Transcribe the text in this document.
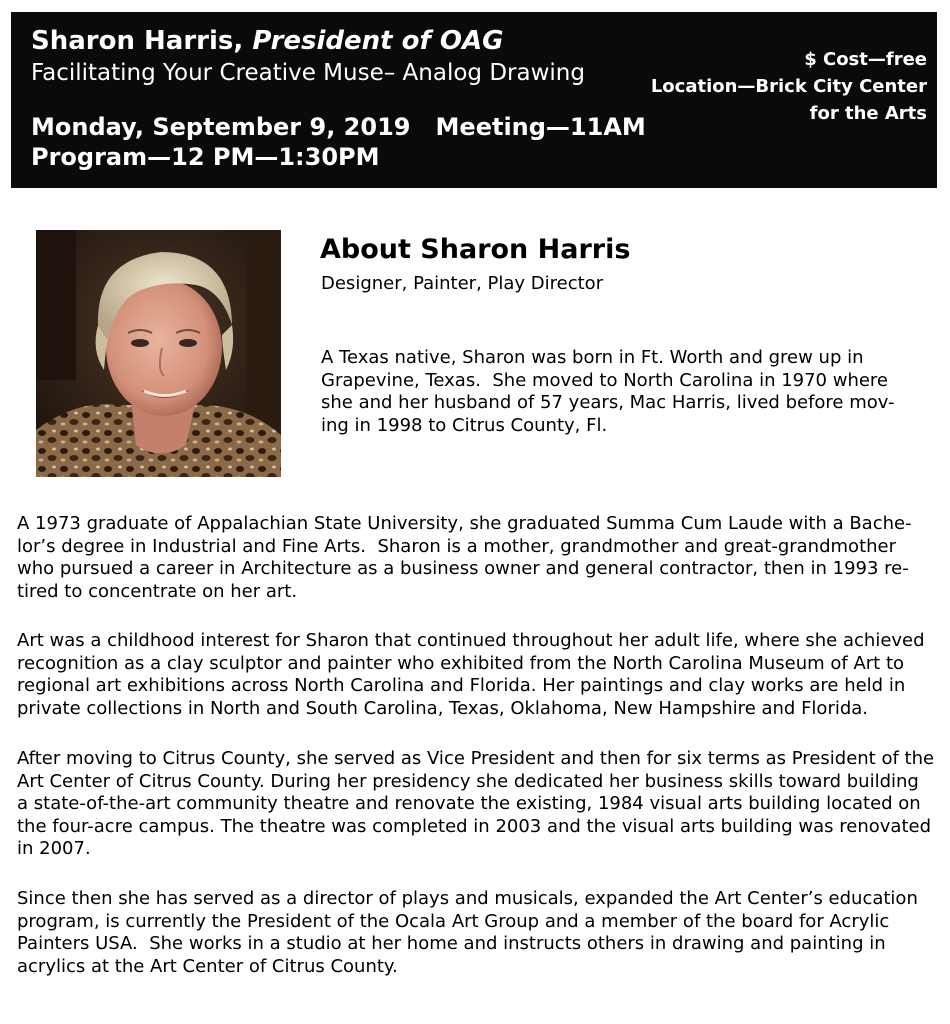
Sharon Harris, President of OAG
Facilitating Your Creative Muse– Analog Drawing
Monday, September 9, 2019   Meeting—11AM
Program—12 PM—1:30PM
$ Cost—free
Location—Brick City Center
for the Arts
About Sharon Harris
Designer, Painter, Play Director
A Texas native, Sharon was born in Ft. Worth and grew up in
Grapevine, Texas.  She moved to North Carolina in 1970 where
she and her husband of 57 years, Mac Harris, lived before mov-
ing in 1998 to Citrus County, Fl.
A 1973 graduate of Appalachian State University, she graduated Summa Cum Laude with a Bache-
lor’s degree in Industrial and Fine Arts.  Sharon is a mother, grandmother and great-grandmother
who pursued a career in Architecture as a business owner and general contractor, then in 1993 re-
tired to concentrate on her art.
Art was a childhood interest for Sharon that continued throughout her adult life, where she achieved
recognition as a clay sculptor and painter who exhibited from the North Carolina Museum of Art to
regional art exhibitions across North Carolina and Florida. Her paintings and clay works are held in
private collections in North and South Carolina, Texas, Oklahoma, New Hampshire and Florida.
After moving to Citrus County, she served as Vice President and then for six terms as President of the
Art Center of Citrus County. During her presidency she dedicated her business skills toward building
a state-of-the-art community theatre and renovate the existing, 1984 visual arts building located on
the four-acre campus. The theatre was completed in 2003 and the visual arts building was renovated
in 2007.
Since then she has served as a director of plays and musicals, expanded the Art Center’s education
program, is currently the President of the Ocala Art Group and a member of the board for Acrylic
Painters USA.  She works in a studio at her home and instructs others in drawing and painting in
acrylics at the Art Center of Citrus County.
